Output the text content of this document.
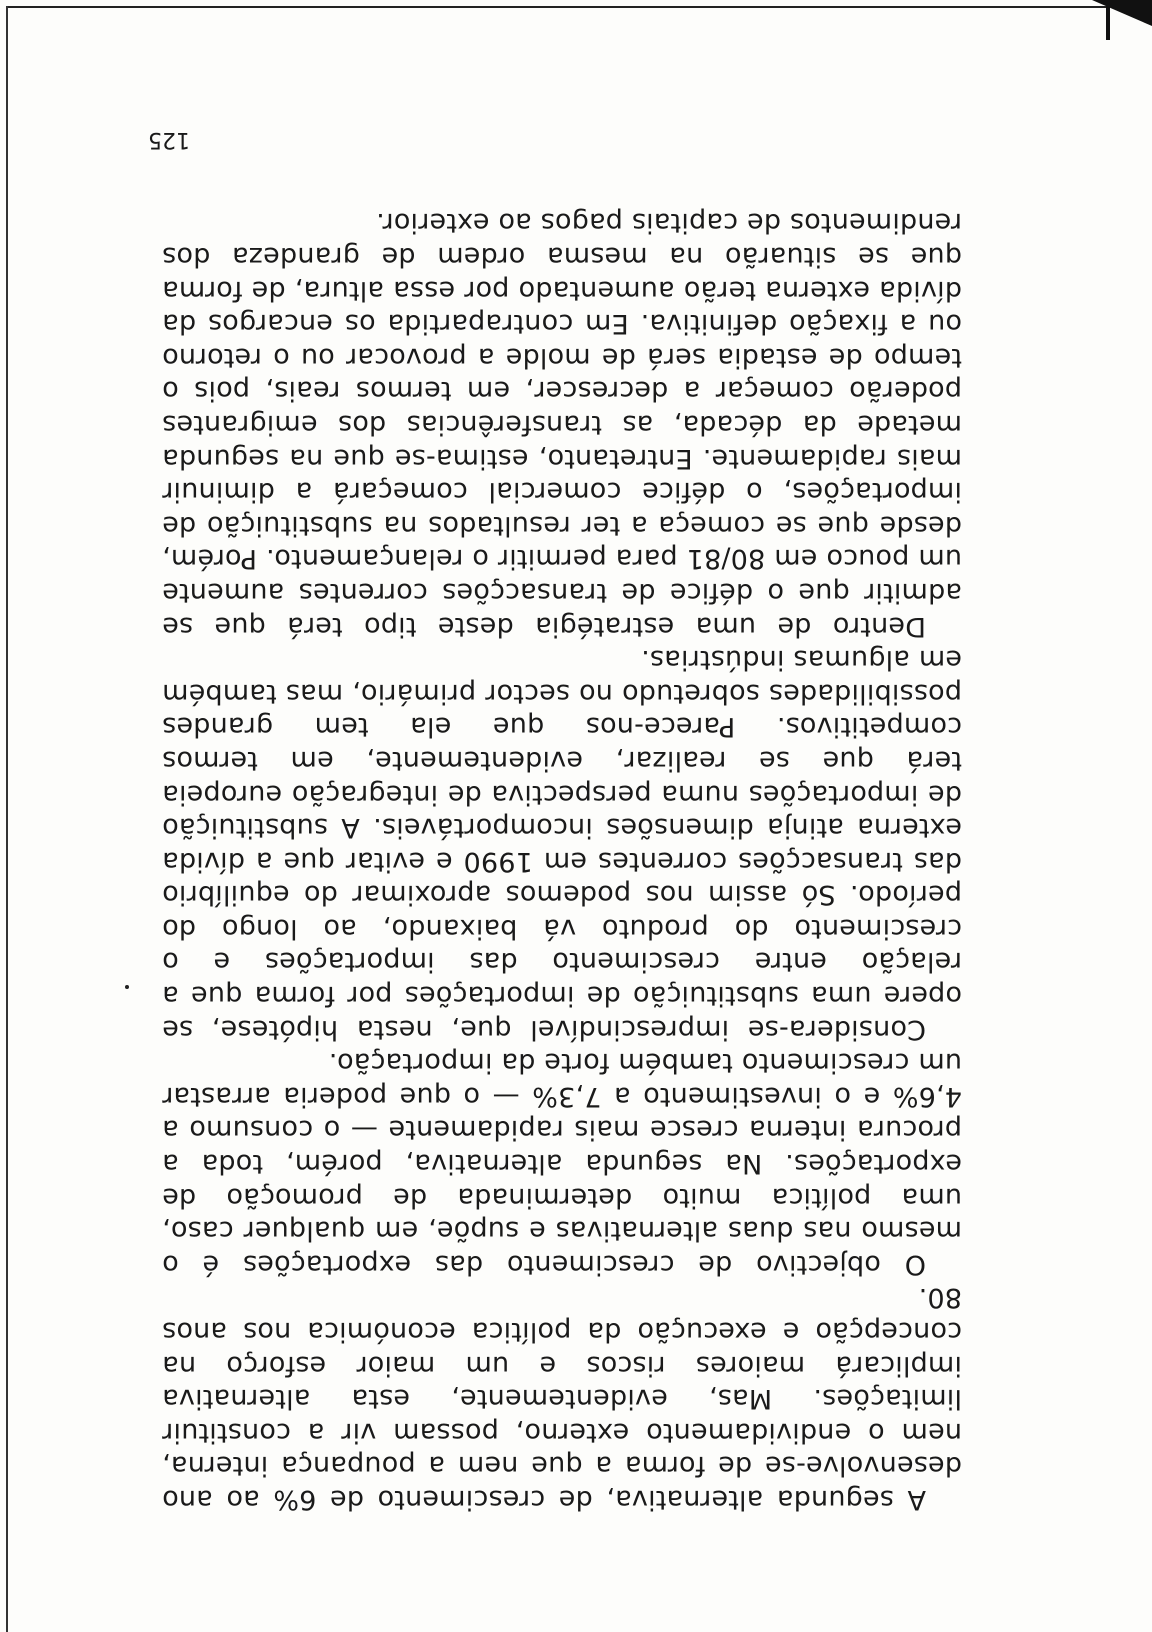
A segunda alternativa, de crescimento de 6% ao ano desenvolve-se de forma a que nem a poupança interna, nem o endividamento externo, possam vir a constituir limitações. Mas, evidentemente, esta alternativa implicará maiores riscos e um maior esforço na concepção e execução da política económica nos anos 80.

O objectivo de crescimento das exportações é o mesmo nas duas alternativas e supõe, em qualquer caso, uma política muito determinada de promoção de exportações. Na segunda alternativa, porém, toda a procura interna cresce mais rapidamente — o consumo a 4,6% e o investimento a 7,3% — o que poderia arrastar um crescimento também forte da importação.

Considera-se imprescindível que, nesta hipótese, se opere uma substituição de importações por forma que a relação entre crescimento das importações e o crescimento do produto vá baixando, ao longo do período. Só assim nos podemos aproximar do equilíbrio das transacções correntes em 1990 e evitar que a dívida externa atinja dimensões incomportáveis. A substituição de importações numa perspectiva de integração europeia terá que se realizar, evidentemente, em termos competitivos. Parece-nos que ela tem grandes possibilidades sobretudo no sector primário, mas também em algumas indústrias.

Dentro de uma estratégia deste tipo terá que se admitir que o défice de transacções correntes aumente um pouco em 80/81 para permitir o relançamento. Porém, desde que se começa a ter resultados na substituição de importações, o défice comercial começará a diminuir mais rapidamente. Entretanto, estima-se que na segunda metade da década, as transferências dos emigrantes poderão começar a decrescer, em termos reais, pois o tempo de estadia será de molde a provocar ou o retorno ou a fixação definitiva. Em contrapartida os encargos da dívida externa terão aumentado por essa altura, de forma que se situarão na mesma ordem de grandeza dos rendimentos de capitais pagos ao exterior.

125
